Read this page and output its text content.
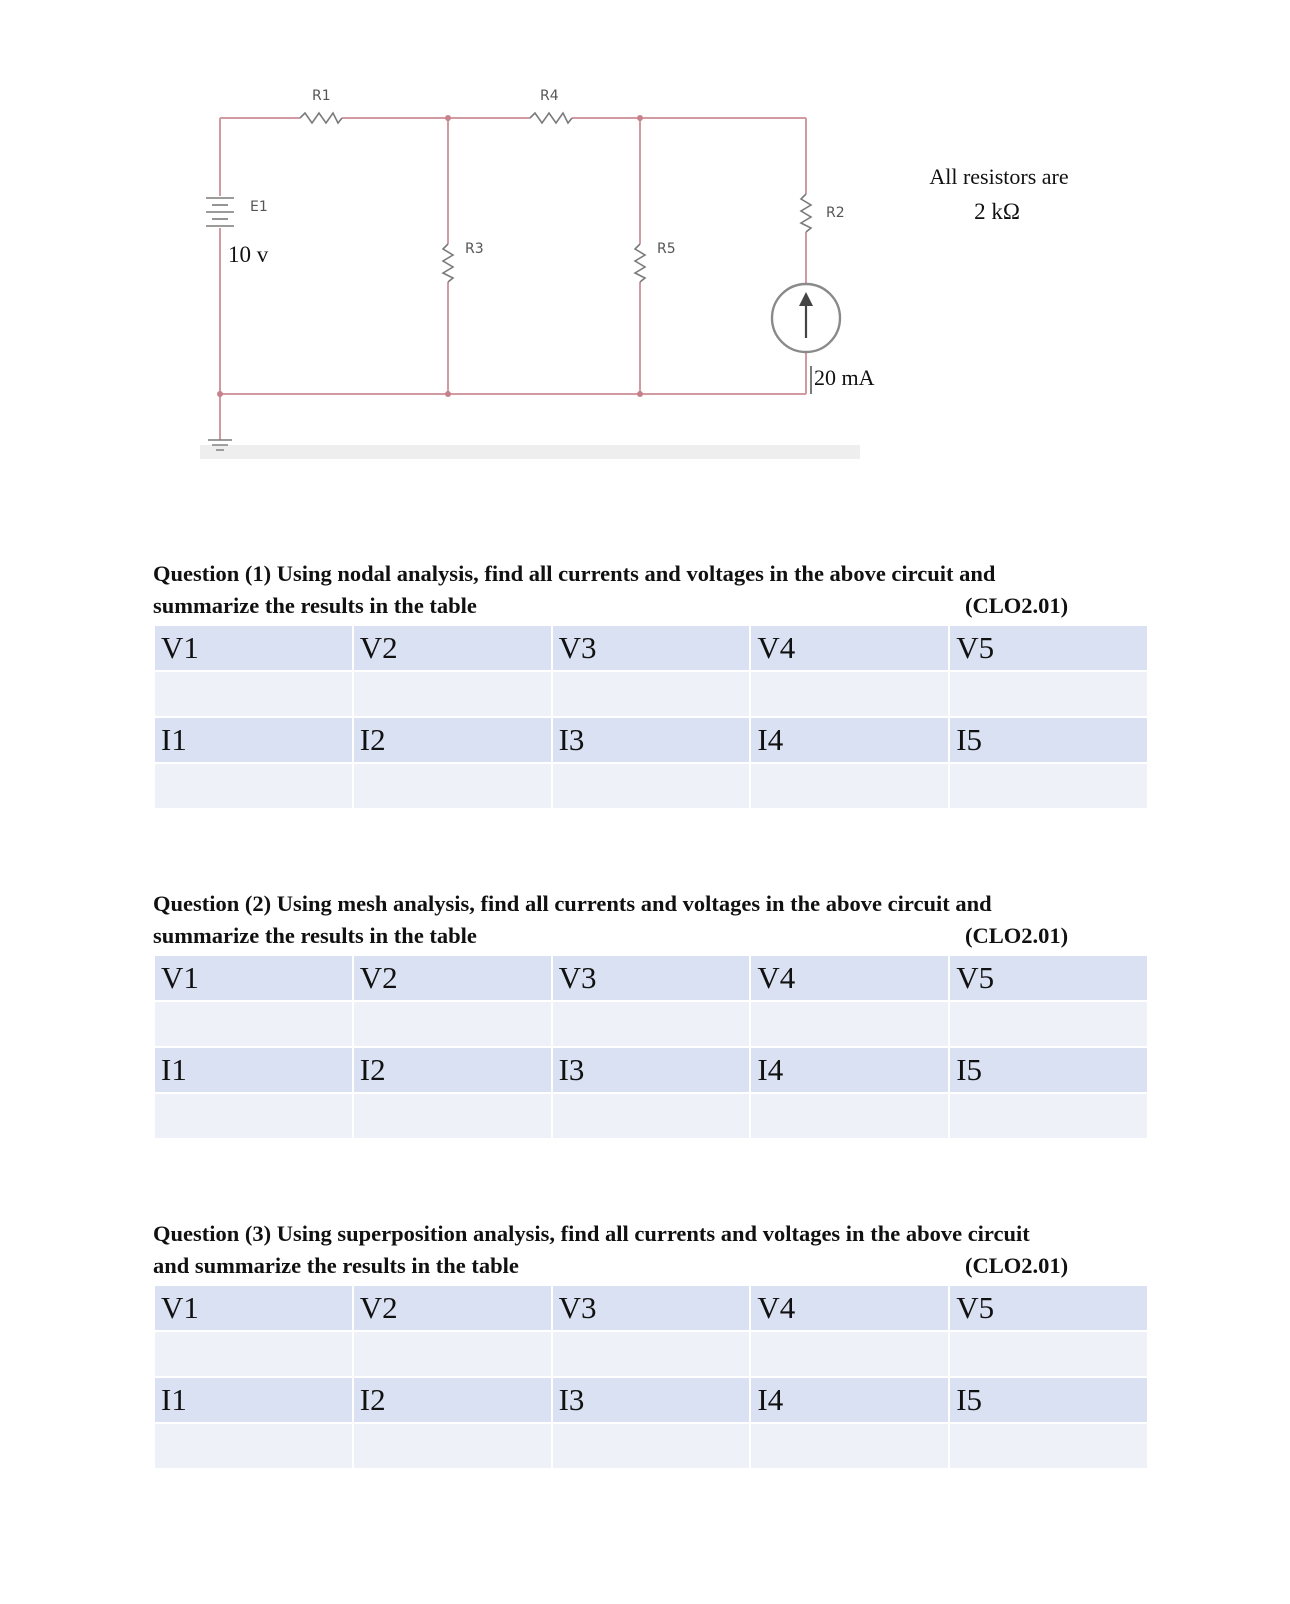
R1	R4
R3	R5
R2
E1
10 v
20 mA
All resistors are
2 kΩ
Question (1) Using nodal analysis, find all currents and voltages in the above circuit and
summarize the results in the table	(CLO2.01)
V1	V2	V3	V4	V5

I1	I2	I3	I4	I5

Question (2) Using mesh analysis, find all currents and voltages in the above circuit and
summarize the results in the table	(CLO2.01)
V1	V2	V3	V4	V5

I1	I2	I3	I4	I5

Question (3) Using superposition analysis, find all currents and voltages in the above circuit
and summarize the results in the table	(CLO2.01)
V1	V2	V3	V4	V5

I1	I2	I3	I4	I5
